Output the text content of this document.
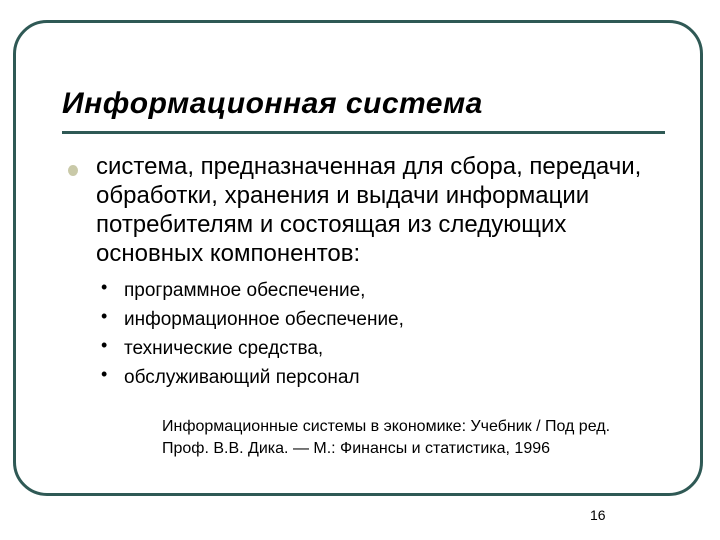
Информационная система
система, предназначенная для сбора, передачи, обработки, хранения и выдачи информации потребителям и состоящая из следующих основных компонентов:
• программное обеспечение,
• информационное обеспечение,
• технические средства,
• обслуживающий персонал
Информационные системы в экономике: Учебник / Под ред.
Проф. В.В. Дика. — М.: Финансы и статистика, 1996
16
